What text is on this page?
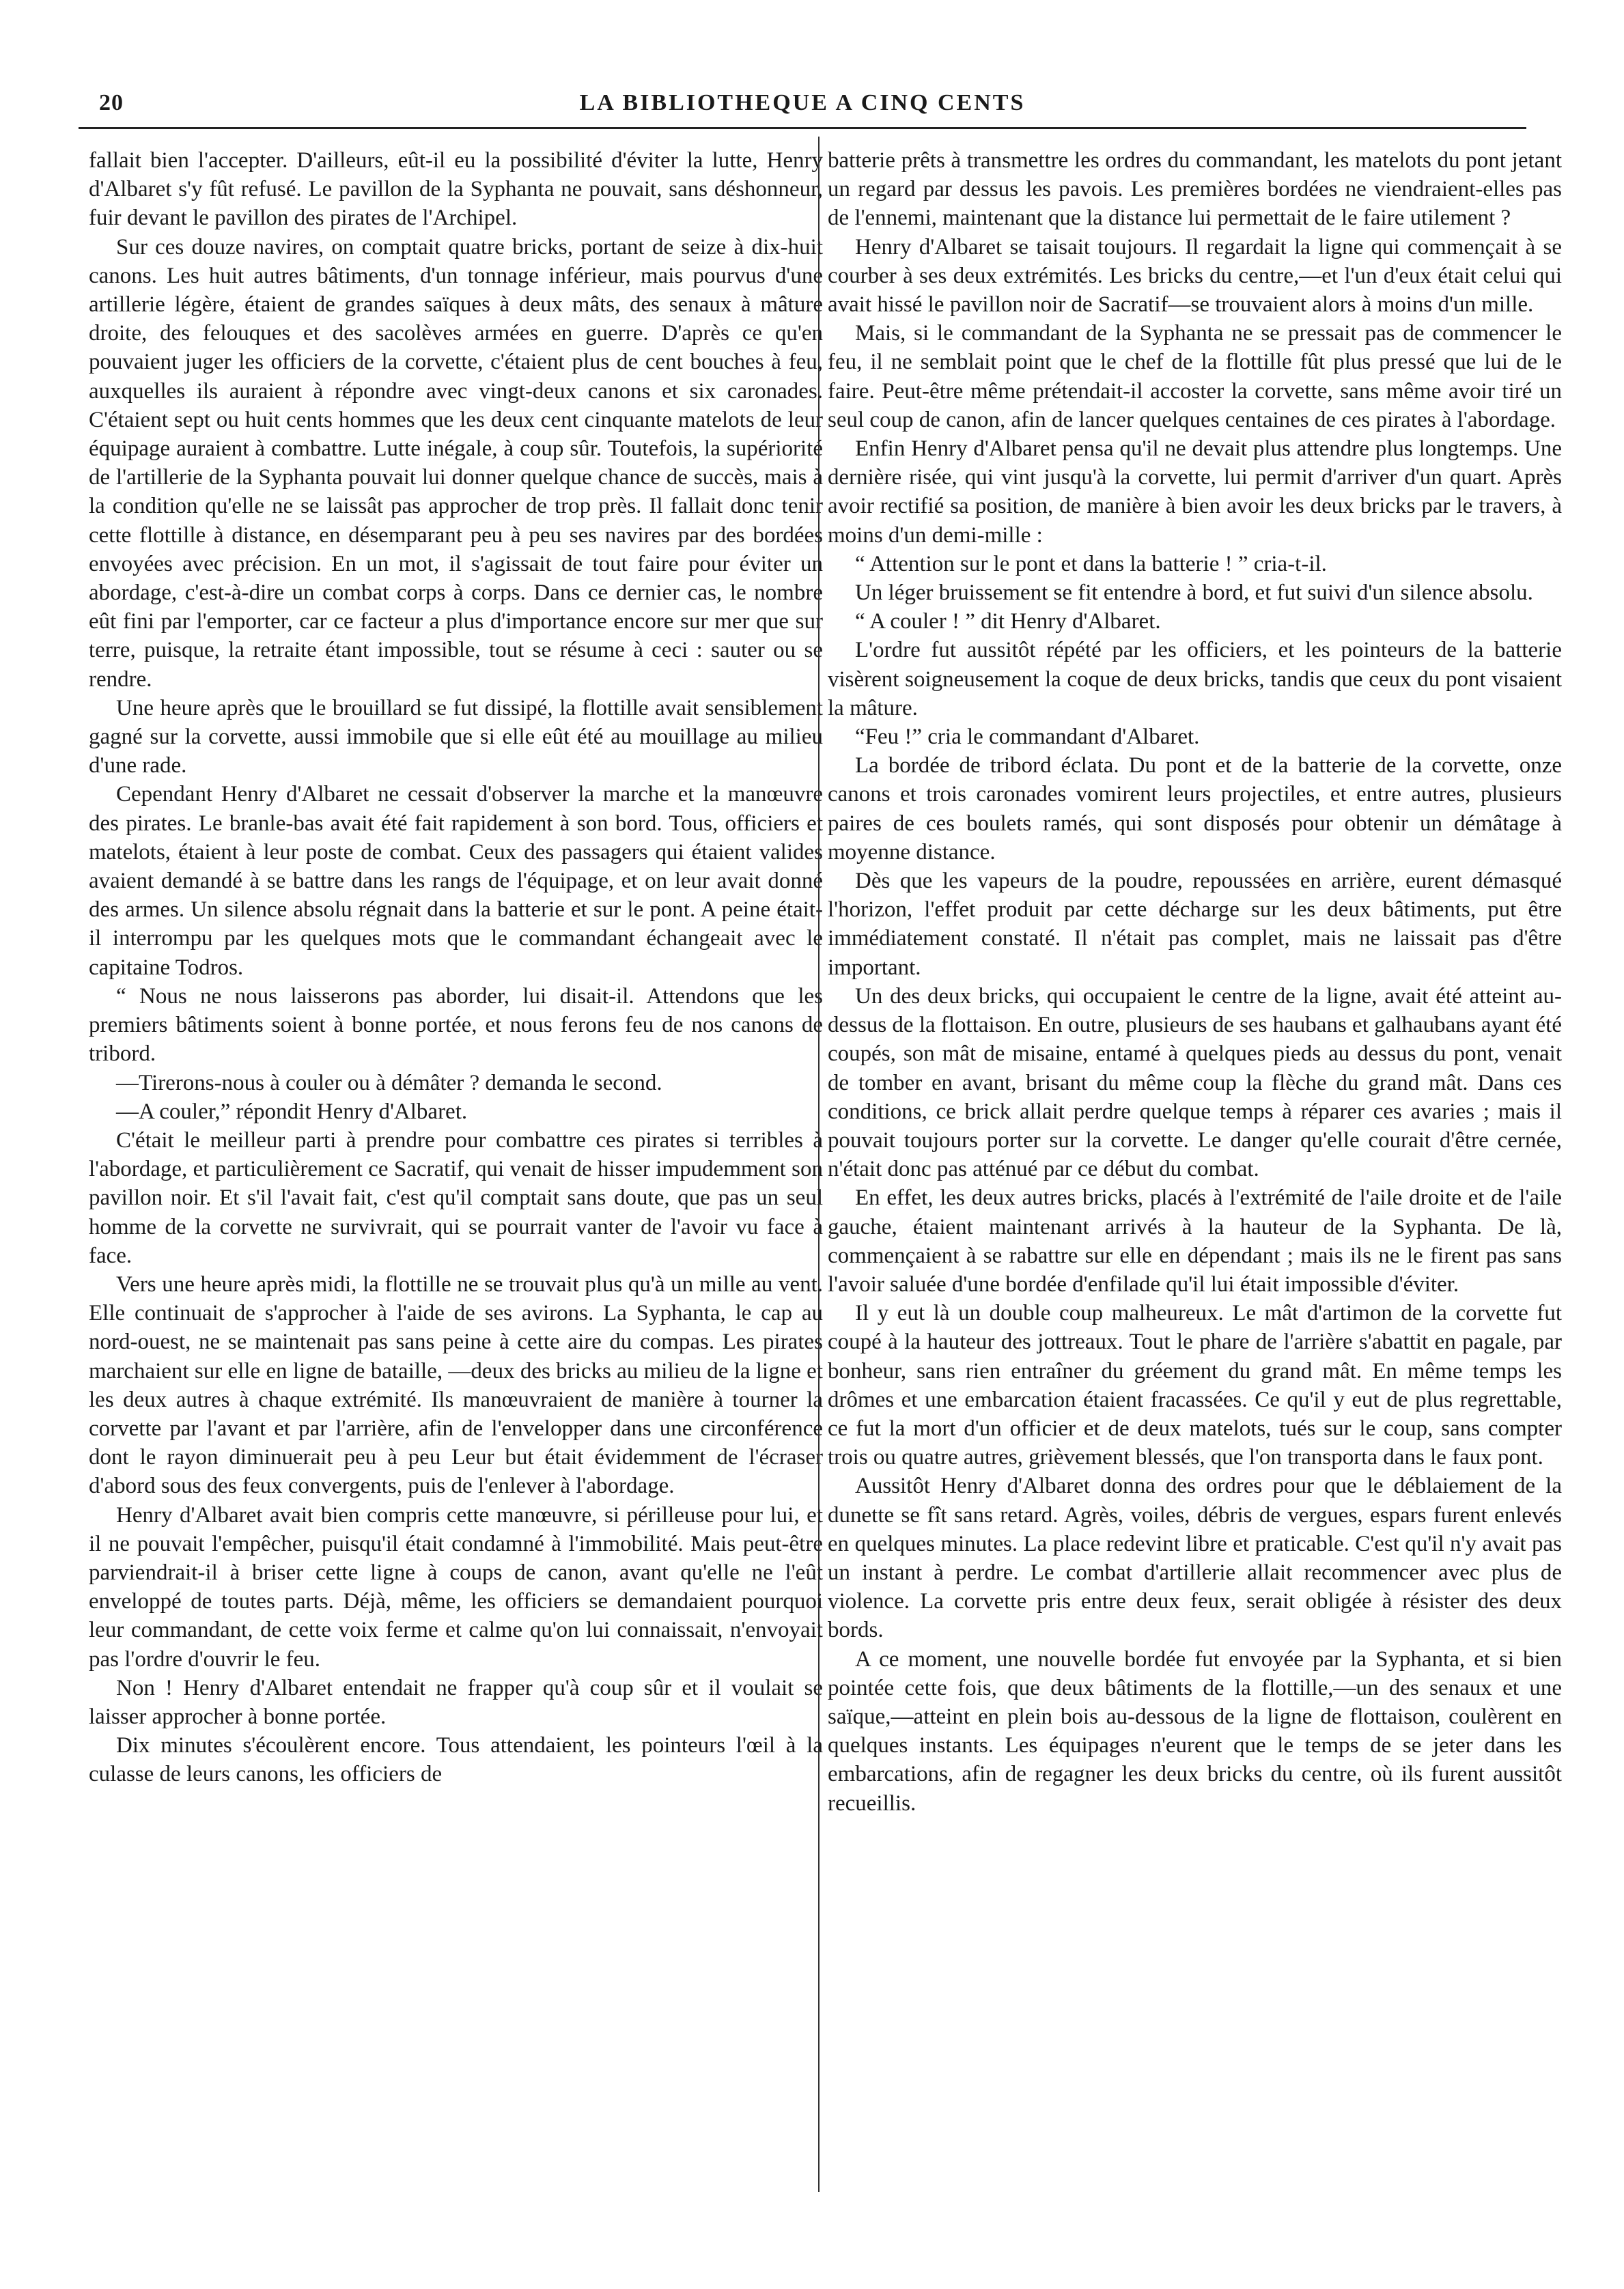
20	LA BIBLIOTHEQUE A CINQ CENTS

fallait bien l'accepter. D'ailleurs, eût-il eu la possibilité d'éviter la lutte, Henry d'Albaret s'y fût refusé. Le pavillon de la Syphanta ne pouvait, sans déshonneur, fuir devant le pavillon des pirates de l'Archipel.

Sur ces douze navires, on comptait quatre bricks, portant de seize à dix-huit canons. Les huit autres bâtiments, d'un tonnage inférieur, mais pourvus d'une artillerie légère, étaient de grandes saïques à deux mâts, des senaux à mâture droite, des felouques et des sacolèves armées en guerre. D'après ce qu'en pouvaient juger les officiers de la corvette, c'étaient plus de cent bouches à feu, auxquelles ils auraient à répondre avec vingt-deux canons et six caronades. C'étaient sept ou huit cents hommes que les deux cent cinquante matelots de leur équipage auraient à combattre. Lutte inégale, à coup sûr. Toutefois, la supériorité de l'artillerie de la Syphanta pouvait lui donner quelque chance de succès, mais à la condition qu'elle ne se laissât pas approcher de trop près. Il fallait donc tenir cette flottille à distance, en désemparant peu à peu ses navires par des bordées envoyées avec précision. En un mot, il s'agissait de tout faire pour éviter un abordage, c'est-à-dire un combat corps à corps. Dans ce dernier cas, le nombre eût fini par l'emporter, car ce facteur a plus d'importance encore sur mer que sur terre, puisque, la retraite étant impossible, tout se résume à ceci : sauter ou se rendre.

Une heure après que le brouillard se fut dissipé, la flottille avait sensiblement gagné sur la corvette, aussi immobile que si elle eût été au mouillage au milieu d'une rade.

Cependant Henry d'Albaret ne cessait d'observer la marche et la manœuvre des pirates. Le branle-bas avait été fait rapidement à son bord. Tous, officiers et matelots, étaient à leur poste de combat. Ceux des passagers qui étaient valides avaient demandé à se battre dans les rangs de l'équipage, et on leur avait donné des armes. Un silence absolu régnait dans la batterie et sur le pont. A peine était-il interrompu par les quelques mots que le commandant échangeait avec le capitaine Todros.

“ Nous ne nous laisserons pas aborder, lui disait-il. Attendons que les premiers bâtiments soient à bonne portée, et nous ferons feu de nos canons de tribord.

—Tirerons-nous à couler ou à démâter ? demanda le second.

—A couler,” répondit Henry d'Albaret.

C'était le meilleur parti à prendre pour combattre ces pirates si terribles à l'abordage, et particulièrement ce Sacratif, qui venait de hisser impudemment son pavillon noir. Et s'il l'avait fait, c'est qu'il comptait sans doute, que pas un seul homme de la corvette ne survivrait, qui se pourrait vanter de l'avoir vu face à face.

Vers une heure après midi, la flottille ne se trouvait plus qu'à un mille au vent. Elle continuait de s'approcher à l'aide de ses avirons. La Syphanta, le cap au nord-ouest, ne se maintenait pas sans peine à cette aire du compas. Les pirates marchaient sur elle en ligne de bataille, —deux des bricks au milieu de la ligne et les deux autres à chaque extrémité. Ils manœuvraient de manière à tourner la corvette par l'avant et par l'arrière, afin de l'envelopper dans une circonférence dont le rayon diminuerait peu à peu Leur but était évidemment de l'écraser d'abord sous des feux convergents, puis de l'enlever à l'abordage.

Henry d'Albaret avait bien compris cette manœuvre, si périlleuse pour lui, et il ne pouvait l'empêcher, puisqu'il était condamné à l'immobilité. Mais peut-être parviendrait-il à briser cette ligne à coups de canon, avant qu'elle ne l'eût enveloppé de toutes parts. Déjà, même, les officiers se demandaient pourquoi leur commandant, de cette voix ferme et calme qu'on lui connaissait, n'envoyait pas l'ordre d'ouvrir le feu.

Non ! Henry d'Albaret entendait ne frapper qu'à coup sûr et il voulait se laisser approcher à bonne portée.

Dix minutes s'écoulèrent encore. Tous attendaient, les pointeurs l'œil à la culasse de leurs canons, les officiers de

batterie prêts à transmettre les ordres du commandant, les matelots du pont jetant un regard par dessus les pavois. Les premières bordées ne viendraient-elles pas de l'ennemi, maintenant que la distance lui permettait de le faire utilement ?

Henry d'Albaret se taisait toujours. Il regardait la ligne qui commençait à se courber à ses deux extrémités. Les bricks du centre,—et l'un d'eux était celui qui avait hissé le pavillon noir de Sacratif—se trouvaient alors à moins d'un mille.

Mais, si le commandant de la Syphanta ne se pressait pas de commencer le feu, il ne semblait point que le chef de la flottille fût plus pressé que lui de le faire. Peut-être même prétendait-il accoster la corvette, sans même avoir tiré un seul coup de canon, afin de lancer quelques centaines de ces pirates à l'abordage.

Enfin Henry d'Albaret pensa qu'il ne devait plus attendre plus longtemps. Une dernière risée, qui vint jusqu'à la corvette, lui permit d'arriver d'un quart. Après avoir rectifié sa position, de manière à bien avoir les deux bricks par le travers, à moins d'un demi-mille :

“ Attention sur le pont et dans la batterie ! ” cria-t-il.

Un léger bruissement se fit entendre à bord, et fut suivi d'un silence absolu.

“ A couler ! ” dit Henry d'Albaret.

L'ordre fut aussitôt répété par les officiers, et les pointeurs de la batterie visèrent soigneusement la coque de deux bricks, tandis que ceux du pont visaient la mâture.

“Feu !” cria le commandant d'Albaret.

La bordée de tribord éclata. Du pont et de la batterie de la corvette, onze canons et trois caronades vomirent leurs projectiles, et entre autres, plusieurs paires de ces boulets ramés, qui sont disposés pour obtenir un démâtage à moyenne distance.

Dès que les vapeurs de la poudre, repoussées en arrière, eurent démasqué l'horizon, l'effet produit par cette décharge sur les deux bâtiments, put être immédiatement constaté. Il n'était pas complet, mais ne laissait pas d'être important.

Un des deux bricks, qui occupaient le centre de la ligne, avait été atteint au-dessus de la flottaison. En outre, plusieurs de ses haubans et galhaubans ayant été coupés, son mât de misaine, entamé à quelques pieds au dessus du pont, venait de tomber en avant, brisant du même coup la flèche du grand mât. Dans ces conditions, ce brick allait perdre quelque temps à réparer ces avaries ; mais il pouvait toujours porter sur la corvette. Le danger qu'elle courait d'être cernée, n'était donc pas atténué par ce début du combat.

En effet, les deux autres bricks, placés à l'extrémité de l'aile droite et de l'aile gauche, étaient maintenant arrivés à la hauteur de la Syphanta. De là, commençaient à se rabattre sur elle en dépendant ; mais ils ne le firent pas sans l'avoir saluée d'une bordée d'enfilade qu'il lui était impossible d'éviter.

Il y eut là un double coup malheureux. Le mât d'artimon de la corvette fut coupé à la hauteur des jottreaux. Tout le phare de l'arrière s'abattit en pagale, par bonheur, sans rien entraîner du gréement du grand mât. En même temps les drômes et une embarcation étaient fracassées. Ce qu'il y eut de plus regrettable, ce fut la mort d'un officier et de deux matelots, tués sur le coup, sans compter trois ou quatre autres, grièvement blessés, que l'on transporta dans le faux pont.

Aussitôt Henry d'Albaret donna des ordres pour que le déblaiement de la dunette se fît sans retard. Agrès, voiles, débris de vergues, espars furent enlevés en quelques minutes. La place redevint libre et praticable. C'est qu'il n'y avait pas un instant à perdre. Le combat d'artillerie allait recommencer avec plus de violence. La corvette pris entre deux feux, serait obligée à résister des deux bords.

A ce moment, une nouvelle bordée fut envoyée par la Syphanta, et si bien pointée cette fois, que deux bâtiments de la flottille,—un des senaux et une saïque,—atteint en plein bois au-dessous de la ligne de flottaison, coulèrent en quelques instants. Les équipages n'eurent que le temps de se jeter dans les embarcations, afin de regagner les deux bricks du centre, où ils furent aussitôt recueillis.
